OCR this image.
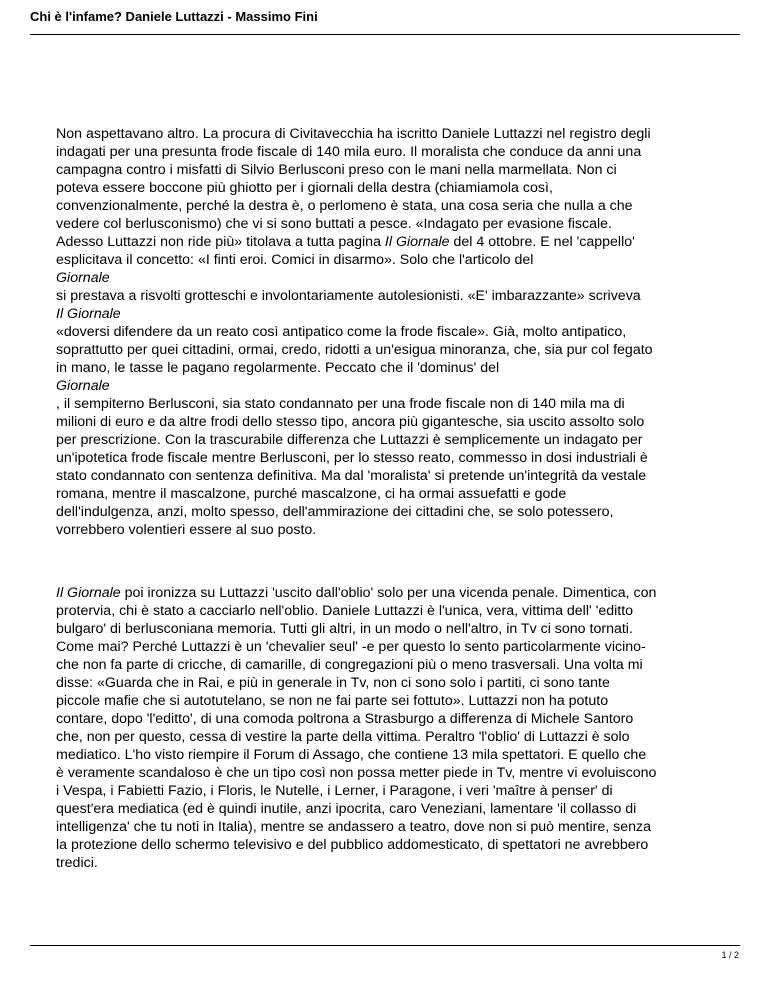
Chi è l'infame? Daniele Luttazzi - Massimo Fini
Non aspettavano altro. La procura di Civitavecchia ha iscritto Daniele Luttazzi nel registro degli
indagati per una presunta frode fiscale di 140 mila euro. Il moralista che conduce da anni una
campagna contro i misfatti di Silvio Berlusconi preso con le mani nella marmellata. Non ci
poteva essere boccone più ghiotto per i giornali della destra (chiamiamola così,
convenzionalmente, perché la destra è, o perlomeno è stata, una cosa seria che nulla a che
vedere col berlusconismo) che vi si sono buttati a pesce. «Indagato per evasione fiscale.
Adesso Luttazzi non ride più» titolava a tutta pagina Il Giornale del 4 ottobre. E nel 'cappello'
esplicitava il concetto: «I finti eroi. Comici in disarmo». Solo che l'articolo del
Giornale
si prestava a risvolti grotteschi e involontariamente autolesionisti. «E' imbarazzante» scriveva
Il Giornale
«doversi difendere da un reato così antipatico come la frode fiscale». Già, molto antipatico,
soprattutto per quei cittadini, ormai, credo, ridotti a un'esigua minoranza, che, sia pur col fegato
in mano, le tasse le pagano regolarmente. Peccato che il 'dominus' del
Giornale
, il sempiterno Berlusconi, sia stato condannato per una frode fiscale non di 140 mila ma di
milioni di euro e da altre frodi dello stesso tipo, ancora più gigantesche, sia uscito assolto solo
per prescrizione. Con la trascurabile differenza che Luttazzi è semplicemente un indagato per
un'ipotetica frode fiscale mentre Berlusconi, per lo stesso reato, commesso in dosi industriali è
stato condannato con sentenza definitiva. Ma dal 'moralista' si pretende un'integrità da vestale
romana, mentre il mascalzone, purché mascalzone, ci ha ormai assuefatti e gode
dell'indulgenza, anzi, molto spesso, dell'ammirazione dei cittadini che, se solo potessero,
vorrebbero volentieri essere al suo posto.
Il Giornale poi ironizza su Luttazzi 'uscito dall'oblio' solo per una vicenda penale. Dimentica, con
protervia, chi è stato a cacciarlo nell'oblio. Daniele Luttazzi è l'unica, vera, vittima dell' 'editto
bulgaro' di berlusconiana memoria. Tutti gli altri, in un modo o nell'altro, in Tv ci sono tornati.
Come mai? Perché Luttazzi è un 'chevalier seul' -e per questo lo sento particolarmente vicino-
che non fa parte di cricche, di camarille, di congregazioni più o meno trasversali. Una volta mi
disse: «Guarda che in Rai, e più in generale in Tv, non ci sono solo i partiti, ci sono tante
piccole mafie che si autotutelano, se non ne fai parte sei fottuto». Luttazzi non ha potuto
contare, dopo 'l'editto', di una comoda poltrona a Strasburgo a differenza di Michele Santoro
che, non per questo, cessa di vestire la parte della vittima. Peraltro 'l'oblio' di Luttazzi è solo
mediatico. L'ho visto riempire il Forum di Assago, che contiene 13 mila spettatori. E quello che
è veramente scandaloso è che un tipo così non possa metter piede in Tv, mentre vi evoluiscono
i Vespa, i Fabietti Fazio, i Floris, le Nutelle, i Lerner, i Paragone, i veri 'maître à penser' di
quest'era mediatica (ed è quindi inutile, anzi ipocrita, caro Veneziani, lamentare 'il collasso di
intelligenza' che tu noti in Italia), mentre se andassero a teatro, dove non si può mentire, senza
la protezione dello schermo televisivo e del pubblico addomesticato, di spettatori ne avrebbero
tredici.
1 / 2
